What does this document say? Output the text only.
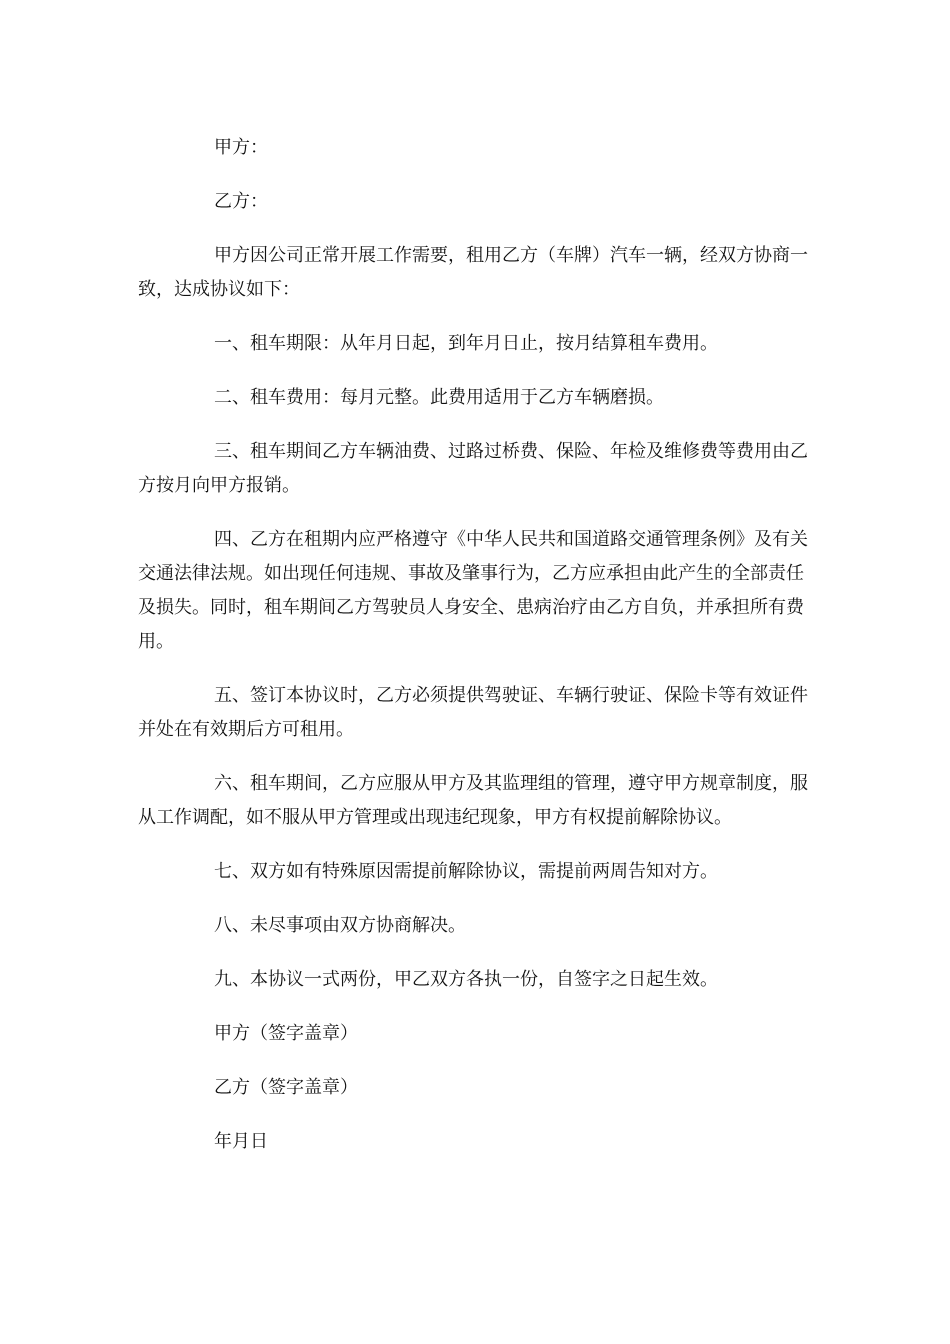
甲方：

乙方：

甲方因公司正常开展工作需要，租用乙方（车牌）汽车一辆，经双方协商一致，达成协议如下：

一、租车期限：从年月日起，到年月日止，按月结算租车费用。

二、租车费用：每月元整。此费用适用于乙方车辆磨损。

三、租车期间乙方车辆油费、过路过桥费、保险、年检及维修费等费用由乙方按月向甲方报销。

四、乙方在租期内应严格遵守《中华人民共和国道路交通管理条例》及有关交通法律法规。如出现任何违规、事故及肇事行为，乙方应承担由此产生的全部责任及损失。同时，租车期间乙方驾驶员人身安全、患病治疗由乙方自负，并承担所有费用。

五、签订本协议时，乙方必须提供驾驶证、车辆行驶证、保险卡等有效证件并处在有效期后方可租用。

六、租车期间，乙方应服从甲方及其监理组的管理，遵守甲方规章制度，服从工作调配，如不服从甲方管理或出现违纪现象，甲方有权提前解除协议。

七、双方如有特殊原因需提前解除协议，需提前两周告知对方。

八、未尽事项由双方协商解决。

九、本协议一式两份，甲乙双方各执一份，自签字之日起生效。

甲方（签字盖章）

乙方（签字盖章）

年月日
